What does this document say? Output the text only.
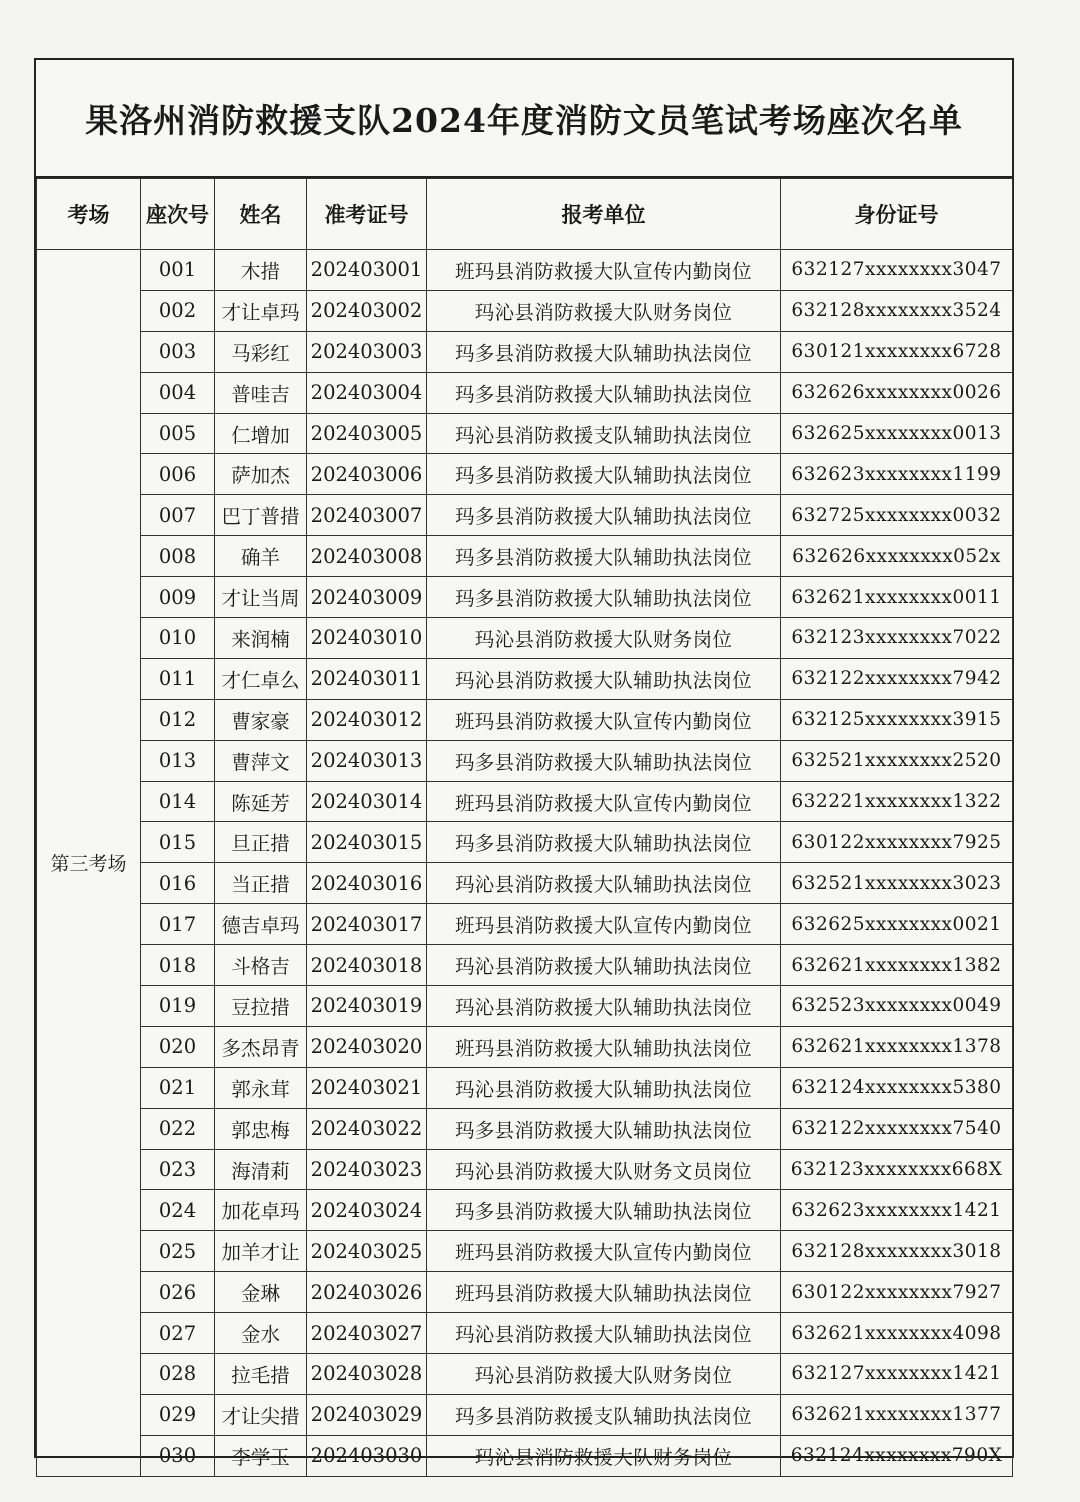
果洛州消防救援支队2024年度消防文员笔试考场座次名单
考场	座次号	姓名	准考证号	报考单位	身份证号
第三考场	001	木措	202403001	班玛县消防救援大队宣传内勤岗位	632127xxxxxxxx3047
	002	才让卓玛	202403002	玛沁县消防救援大队财务岗位	632128xxxxxxxx3524
	003	马彩红	202403003	玛多县消防救援大队辅助执法岗位	630121xxxxxxxx6728
	004	普哇吉	202403004	玛多县消防救援大队辅助执法岗位	632626xxxxxxxx0026
	005	仁增加	202403005	玛沁县消防救援支队辅助执法岗位	632625xxxxxxxx0013
	006	萨加杰	202403006	玛多县消防救援大队辅助执法岗位	632623xxxxxxxx1199
	007	巴丁普措	202403007	玛多县消防救援大队辅助执法岗位	632725xxxxxxxx0032
	008	确羊	202403008	玛多县消防救援大队辅助执法岗位	632626xxxxxxxx052x
	009	才让当周	202403009	玛多县消防救援大队辅助执法岗位	632621xxxxxxxx0011
	010	来润楠	202403010	玛沁县消防救援大队财务岗位	632123xxxxxxxx7022
	011	才仁卓么	202403011	玛沁县消防救援大队辅助执法岗位	632122xxxxxxxx7942
	012	曹家豪	202403012	班玛县消防救援大队宣传内勤岗位	632125xxxxxxxx3915
	013	曹萍文	202403013	玛多县消防救援大队辅助执法岗位	632521xxxxxxxx2520
	014	陈延芳	202403014	班玛县消防救援大队宣传内勤岗位	632221xxxxxxxx1322
	015	旦正措	202403015	玛多县消防救援大队辅助执法岗位	630122xxxxxxxx7925
	016	当正措	202403016	玛沁县消防救援大队辅助执法岗位	632521xxxxxxxx3023
	017	德吉卓玛	202403017	班玛县消防救援大队宣传内勤岗位	632625xxxxxxxx0021
	018	斗格吉	202403018	玛沁县消防救援大队辅助执法岗位	632621xxxxxxxx1382
	019	豆拉措	202403019	玛沁县消防救援大队辅助执法岗位	632523xxxxxxxx0049
	020	多杰昂青	202403020	班玛县消防救援大队辅助执法岗位	632621xxxxxxxx1378
	021	郭永茸	202403021	玛沁县消防救援大队辅助执法岗位	632124xxxxxxxx5380
	022	郭忠梅	202403022	玛多县消防救援大队辅助执法岗位	632122xxxxxxxx7540
	023	海清莉	202403023	玛沁县消防救援大队财务文员岗位	632123xxxxxxxx668X
	024	加花卓玛	202403024	玛多县消防救援大队辅助执法岗位	632623xxxxxxxx1421
	025	加羊才让	202403025	班玛县消防救援大队宣传内勤岗位	632128xxxxxxxx3018
	026	金琳	202403026	班玛县消防救援大队辅助执法岗位	630122xxxxxxxx7927
	027	金水	202403027	玛沁县消防救援大队辅助执法岗位	632621xxxxxxxx4098
	028	拉毛措	202403028	玛沁县消防救援大队财务岗位	632127xxxxxxxx1421
	029	才让尖措	202403029	玛多县消防救援支队辅助执法岗位	632621xxxxxxxx1377
	030	李学玉	202403030	玛沁县消防救援大队财务岗位	632124xxxxxxxx790X
